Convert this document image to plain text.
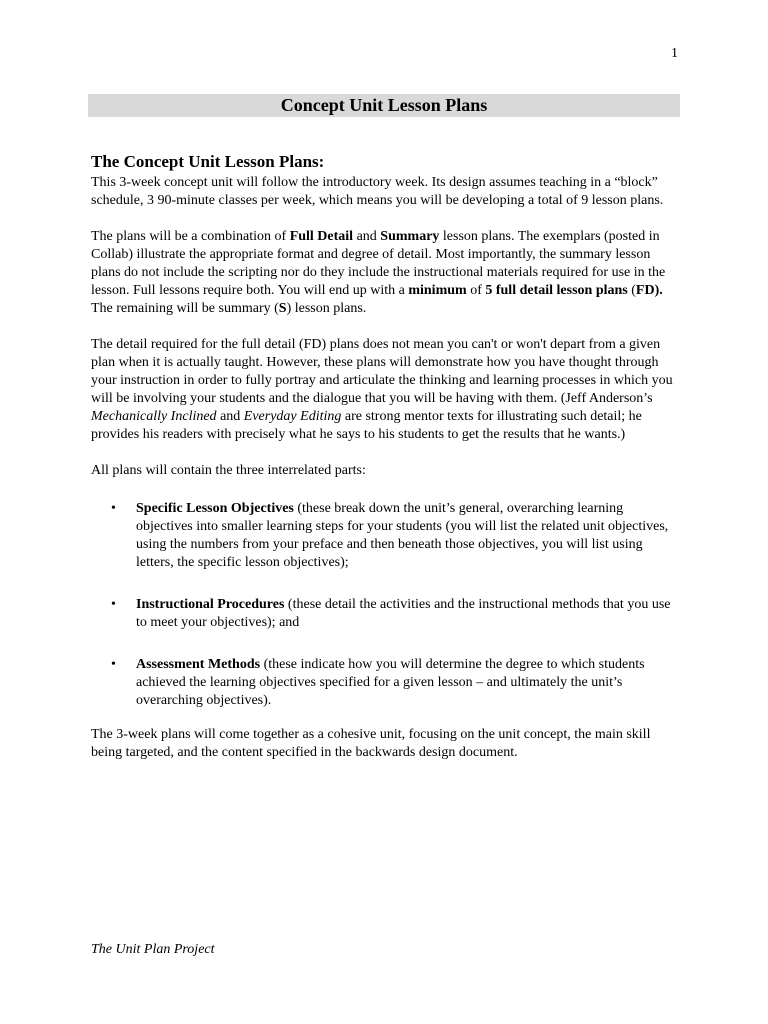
1
Concept Unit Lesson Plans
The Concept Unit Lesson Plans:

This 3-week concept unit will follow the introductory week. Its design assumes teaching in a “block” schedule, 3 90-minute classes per week, which means you will be developing a total of 9 lesson plans.

The plans will be a combination of Full Detail and Summary lesson plans. The exemplars (posted in Collab) illustrate the appropriate format and degree of detail. Most importantly, the summary lesson plans do not include the scripting nor do they include the instructional materials required for use in the lesson. Full lessons require both. You will end up with a minimum of 5 full detail lesson plans (FD). The remaining will be summary (S) lesson plans.

The detail required for the full detail (FD) plans does not mean you can't or won't depart from a given plan when it is actually taught. However, these plans will demonstrate how you have thought through your instruction in order to fully portray and articulate the thinking and learning processes in which you will be involving your students and the dialogue that you will be having with them. (Jeff Anderson’s Mechanically Inclined and Everyday Editing are strong mentor texts for illustrating such detail; he provides his readers with precisely what he says to his students to get the results that he wants.)

All plans will contain the three interrelated parts:

• Specific Lesson Objectives (these break down the unit’s general, overarching learning objectives into smaller learning steps for your students (you will list the related unit objectives, using the numbers from your preface and then beneath those objectives, you will list using letters, the specific lesson objectives);
• Instructional Procedures (these detail the activities and the instructional methods that you use to meet your objectives); and
• Assessment Methods (these indicate how you will determine the degree to which students achieved the learning objectives specified for a given lesson – and ultimately the unit’s overarching objectives).

The 3-week plans will come together as a cohesive unit, focusing on the unit concept, the main skill being targeted, and the content specified in the backwards design document.

The Unit Plan Project
